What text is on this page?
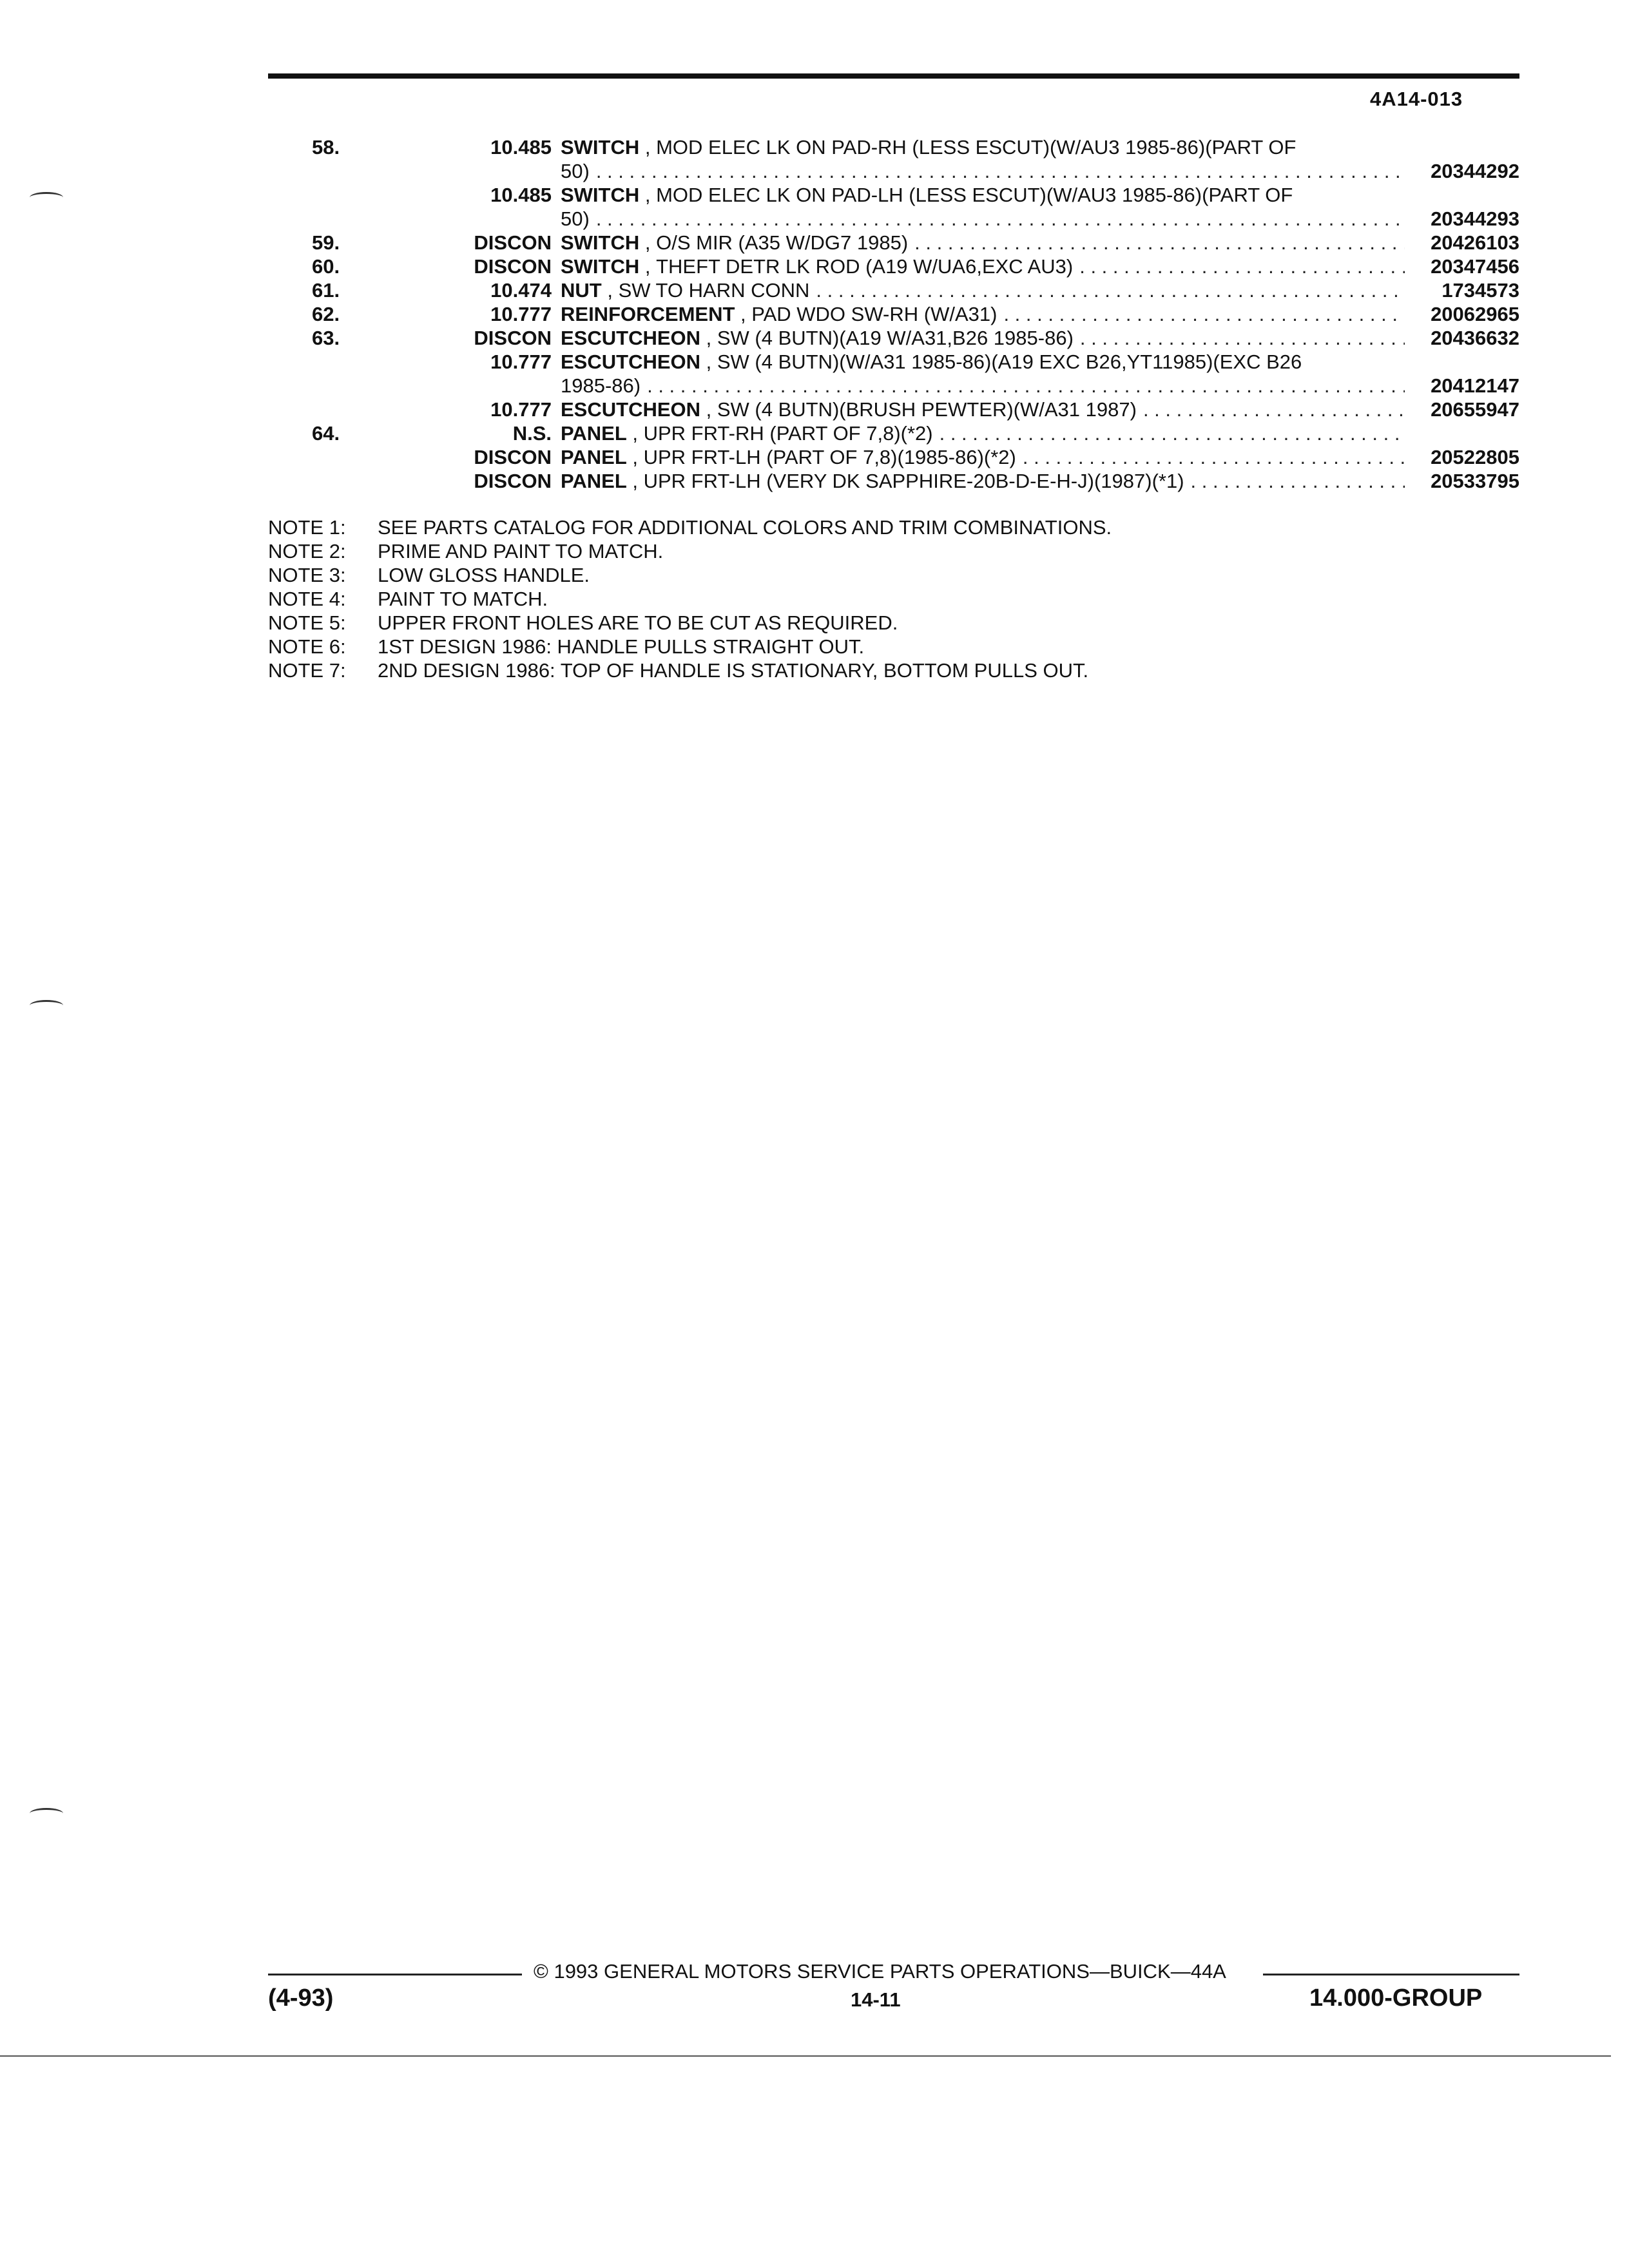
4A14-013
58.	10.485 SWITCH , MOD ELEC LK ON PAD-RH (LESS ESCUT)(W/AU3 1985-86)(PART OF
50) . . .	20344292
10.485 SWITCH , MOD ELEC LK ON PAD-LH (LESS ESCUT)(W/AU3 1985-86)(PART OF
50) . . .	20344293
59.	DISCON SWITCH , O/S MIR (A35 W/DG7 1985) . . .	20426103
60.	DISCON SWITCH , THEFT DETR LK ROD (A19 W/UA6,EXC AU3) . . .	20347456
61.	10.474 NUT , SW TO HARN CONN . . .	1734573
62.	10.777 REINFORCEMENT , PAD WDO SW-RH (W/A31) . . .	20062965
63.	DISCON ESCUTCHEON , SW (4 BUTN)(A19 W/A31,B26 1985-86) . . .	20436632
10.777 ESCUTCHEON , SW (4 BUTN)(W/A31 1985-86)(A19 EXC B26,YT11985)(EXC B26
1985-86) . . .	20412147
10.777 ESCUTCHEON , SW (4 BUTN)(BRUSH PEWTER)(W/A31 1987) . . .	20655947
64.	N.S. PANEL , UPR FRT-RH (PART OF 7,8)(*2)
. . .
DISCON PANEL , UPR FRT-LH (PART OF 7,8)(1985-86)(*2) . . .	20522805
DISCON PANEL , UPR FRT-LH (VERY DK SAPPHIRE-20B-D-E-H-J)(1987)(*1) . . .	20533795
NOTE 1:	SEE PARTS CATALOG FOR ADDITIONAL COLORS AND TRIM COMBINATIONS.
NOTE 2:	PRIME AND PAINT TO MATCH.
NOTE 3:	LOW GLOSS HANDLE.
NOTE 4:	PAINT TO MATCH.
NOTE 5:	UPPER FRONT HOLES ARE TO BE CUT AS REQUIRED.
NOTE 6:	1ST DESIGN 1986: HANDLE PULLS STRAIGHT OUT.
NOTE 7:	2ND DESIGN 1986: TOP OF HANDLE IS STATIONARY, BOTTOM PULLS OUT.
© 1993 GENERAL MOTORS SERVICE PARTS OPERATIONS—BUICK—44A
(4-93)	14-11	14.000-GROUP
